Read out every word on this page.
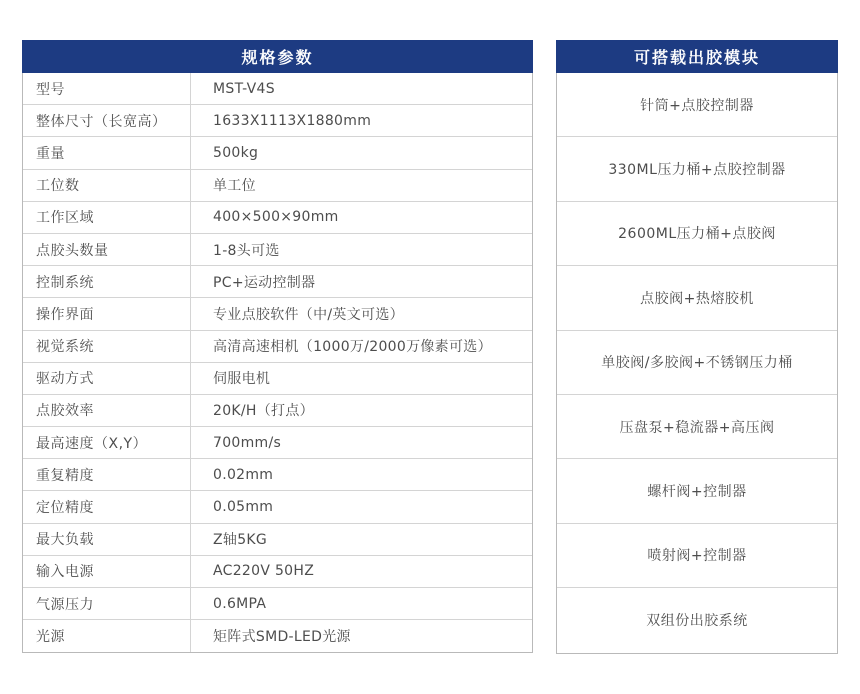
规格参数
型号	MST-V4S
整体尺寸（长宽高）	1633X1113X1880mm
重量	500kg
工位数	单工位
工作区域	400×500×90mm
点胶头数量	1-8头可选
控制系统	PC+运动控制器
操作界面	专业点胶软件（中/英文可选）
视觉系统	高清高速相机（1000万/2000万像素可选）
驱动方式	伺服电机
点胶效率	20K/H（打点）
最高速度（X,Y）	700mm/s
重复精度	0.02mm
定位精度	0.05mm
最大负载	Z轴5KG
输入电源	AC220V 50HZ
气源压力	0.6MPA
光源	矩阵式SMD-LED光源
可搭载出胶模块
针筒+点胶控制器
330ML压力桶+点胶控制器
2600ML压力桶+点胶阀
点胶阀+热熔胶机
单胶阀/多胶阀+不锈钢压力桶
压盘泵+稳流器+高压阀
螺杆阀+控制器
喷射阀+控制器
双组份出胶系统
